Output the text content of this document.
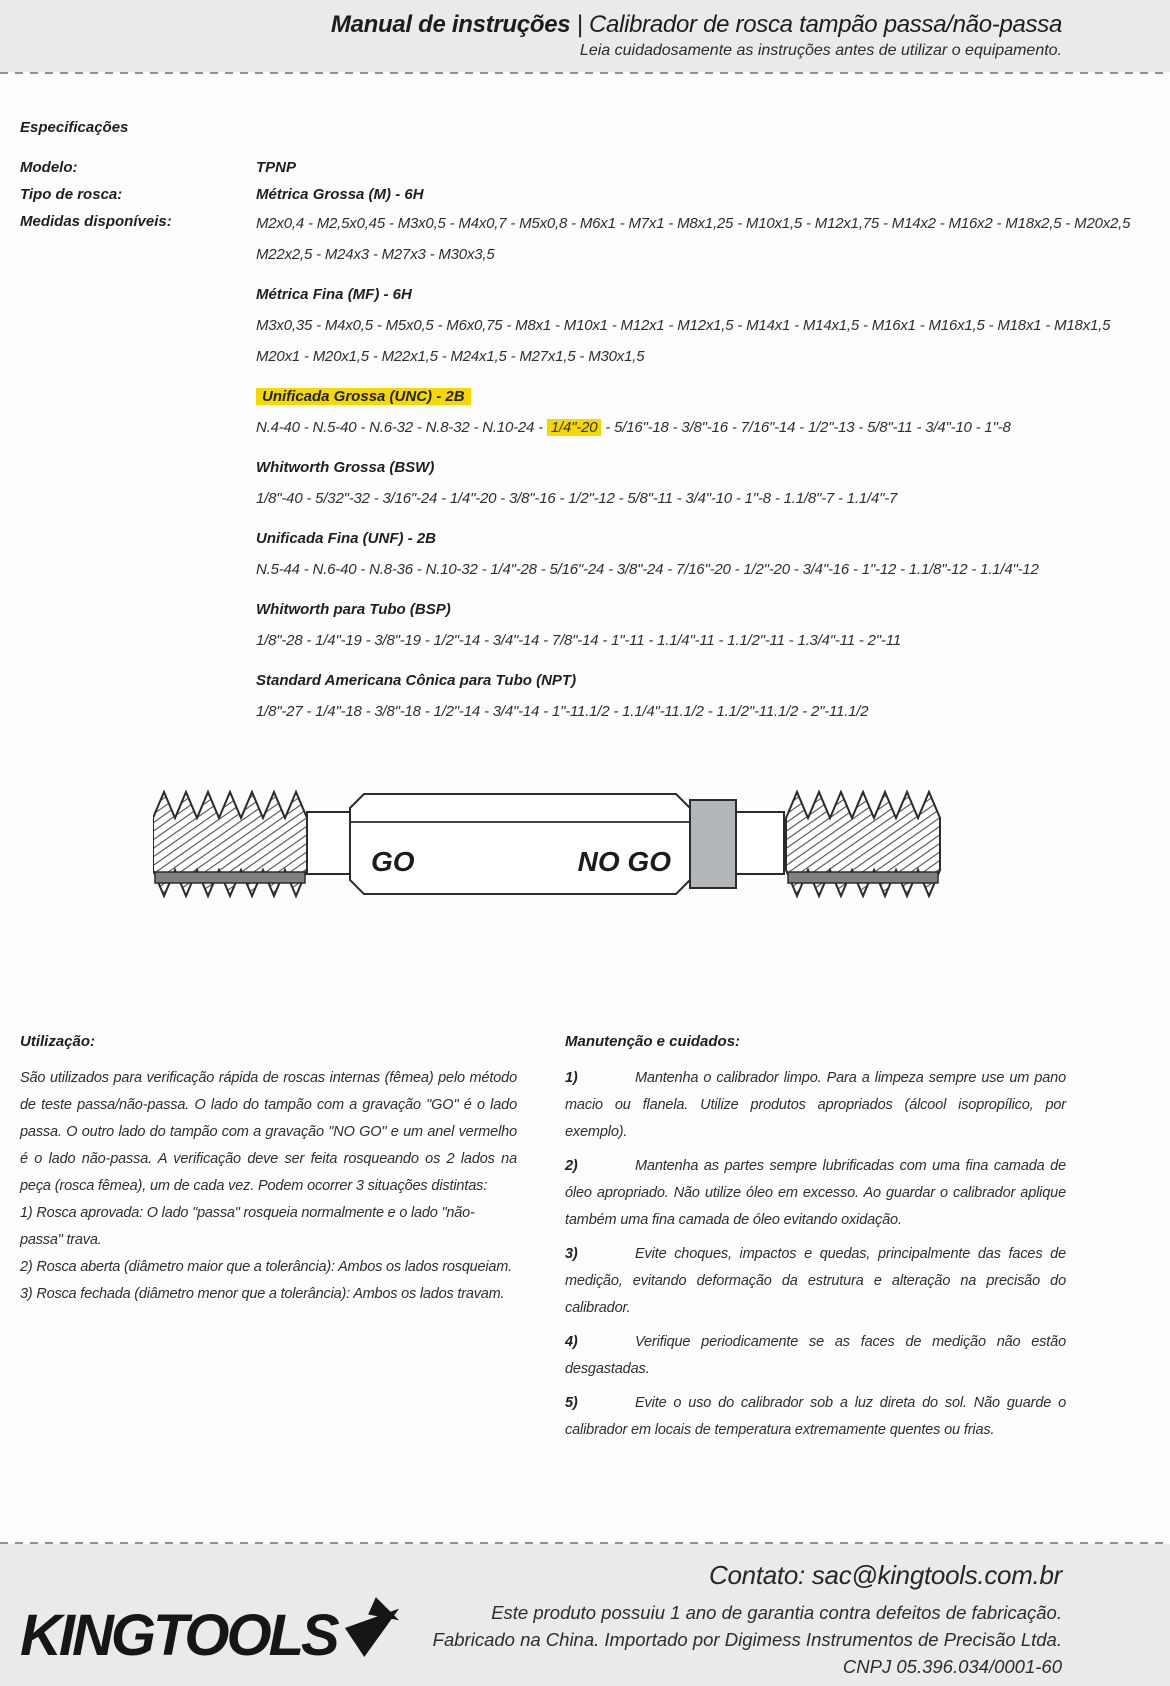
Manual de instruções | Calibrador de rosca tampão passa/não-passa
Leia cuidadosamente as instruções antes de utilizar o equipamento.

Especificações

Modelo:	TPNP
Tipo de rosca:	Métrica Grossa (M) - 6H
Medidas disponíveis:	M2x0,4 - M2,5x0,45 - M3x0,5 - M4x0,7 - M5x0,8 - M6x1 - M7x1 - M8x1,25 - M10x1,5 - M12x1,75 - M14x2 - M16x2 - M18x2,5 - M20x2,5
M22x2,5 - M24x3 - M27x3 - M30x3,5
Métrica Fina (MF) - 6H
M3x0,35 - M4x0,5 - M5x0,5 - M6x0,75 - M8x1 - M10x1 - M12x1 - M12x1,5 - M14x1 - M14x1,5 - M16x1 - M16x1,5 - M18x1 - M18x1,5
M20x1 - M20x1,5 - M22x1,5 - M24x1,5 - M27x1,5 - M30x1,5
Unificada Grossa (UNC) - 2B
N.4-40 - N.5-40 - N.6-32 - N.8-32 - N.10-24 - 1/4"-20 - 5/16"-18 - 3/8"-16 - 7/16"-14 - 1/2"-13 - 5/8"-11 - 3/4"-10 - 1"-8
Whitworth Grossa (BSW)
1/8"-40 - 5/32"-32 - 3/16"-24 - 1/4"-20 - 3/8"-16 - 1/2"-12 - 5/8"-11 - 3/4"-10 - 1"-8 - 1.1/8"-7 - 1.1/4"-7
Unificada Fina (UNF) - 2B
N.5-44 - N.6-40 - N.8-36 - N.10-32 - 1/4"-28 - 5/16"-24 - 3/8"-24 - 7/16"-20 - 1/2"-20 - 3/4"-16 - 1"-12 - 1.1/8"-12 - 1.1/4"-12
Whitworth para Tubo (BSP)
1/8"-28 - 1/4"-19 - 3/8"-19 - 1/2"-14 - 3/4"-14 - 7/8"-14 - 1"-11 - 1.1/4"-11 - 1.1/2"-11 - 1.3/4"-11 - 2"-11
Standard Americana Cônica para Tubo (NPT)
1/8"-27 - 1/4"-18 - 3/8"-18 - 1/2"-14 - 3/4"-14 - 1"-11.1/2 - 1.1/4"-11.1/2 - 1.1/2"-11.1/2 - 2"-11.1/2
GO	NO GO

Utilização:

São utilizados para verificação rápida de roscas internas (fêmea) pelo método de teste passa/não-passa. O lado do tampão com a gravação "GO" é o lado passa. O outro lado do tampão com a gravação "NO GO" e um anel vermelho é o lado não-passa. A verificação deve ser feita rosqueando os 2 lados na peça (rosca fêmea), um de cada vez. Podem ocorrer 3 situações distintas:

1) Rosca aprovada: O lado "passa" rosqueia normalmente e o lado "não-passa" trava.

2) Rosca aberta (diâmetro maior que a tolerância): Ambos os lados rosqueiam.

3) Rosca fechada (diâmetro menor que a tolerância): Ambos os lados travam.

Manutenção e cuidados:

1)	Mantenha o calibrador limpo. Para a limpeza sempre use um pano macio ou flanela. Utilize produtos apropriados (álcool isopropílico, por exemplo).

2)	Mantenha as partes sempre lubrificadas com uma fina camada de óleo apropriado. Não utilize óleo em excesso. Ao guardar o calibrador aplique também uma fina camada de óleo evitando oxidação.

3)	Evite choques, impactos e quedas, principalmente das faces de medição, evitando deformação da estrutura e alteração na precisão do calibrador.

4)	Verifique periodicamente se as faces de medição não estão desgastadas.

5)	Evite o uso do calibrador sob a luz direta do sol. Não guarde o calibrador em locais de temperatura extremamente quentes ou frias.

KINGTOOLS
Contato: sac@kingtools.com.br
Este produto possuiu 1 ano de garantia contra defeitos de fabricação.
Fabricado na China. Importado por Digimess Instrumentos de Precisão Ltda.
CNPJ 05.396.034/0001-60
